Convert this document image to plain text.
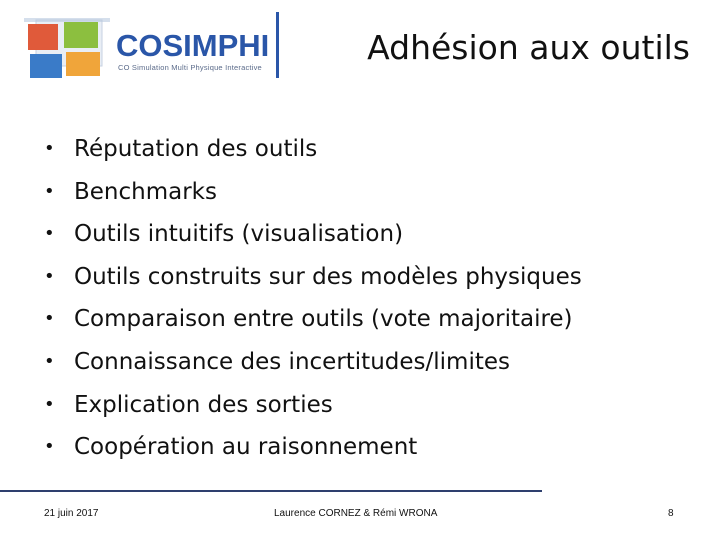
COSIMPHI
CO Simulation Multi Physique Interactive
Adhésion aux outils
• Réputation des outils
• Benchmarks
• Outils intuitifs (visualisation)
• Outils construits sur des modèles physiques
• Comparaison entre outils (vote majoritaire)
• Connaissance des incertitudes/limites
• Explication des sorties
• Coopération au raisonnement
21 juin 2017	Laurence CORNEZ & Rémi WRONA	8
